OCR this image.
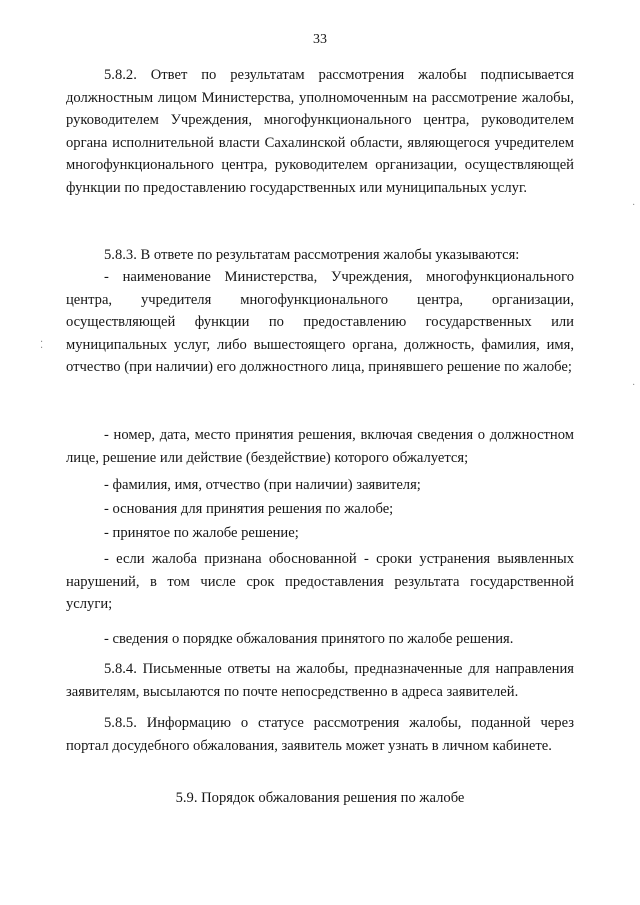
33
5.8.2. Ответ по результатам рассмотрения жалобы подписывается должностным лицом Министерства, уполномоченным на рассмотрение жалобы, руководителем Учреждения, многофункционального центра, руководителем органа исполнительной власти Сахалинской области, являющегося учредителем многофункционального центра, руководителем организации, осуществляющей функции по предоставлению государственных или муниципальных услуг.
5.8.3. В ответе по результатам рассмотрения жалобы указываются:
- наименование Министерства, Учреждения, многофункционального центра, учредителя многофункционального центра, организации, осуществляющей функции по предоставлению государственных или муниципальных услуг, либо вышестоящего органа, должность, фамилия, имя, отчество (при наличии) его должностного лица, принявшего решение по жалобе;
- номер, дата, место принятия решения, включая сведения о должностном лице, решение или действие (бездействие) которого обжалуется;
- фамилия, имя, отчество (при наличии) заявителя;
- основания для принятия решения по жалобе;
- принятое по жалобе решение;
- если жалоба признана обоснованной - сроки устранения выявленных нарушений, в том числе срок предоставления результата государственной услуги;
- сведения о порядке обжалования принятого по жалобе решения.
5.8.4. Письменные ответы на жалобы, предназначенные для направления заявителям, высылаются по почте непосредственно в адреса заявителей.
5.8.5. Информацию о статусе рассмотрения жалобы, поданной через портал досудебного обжалования, заявитель может узнать в личном кабинете.
5.9. Порядок обжалования решения по жалобе
⁚
·
·
